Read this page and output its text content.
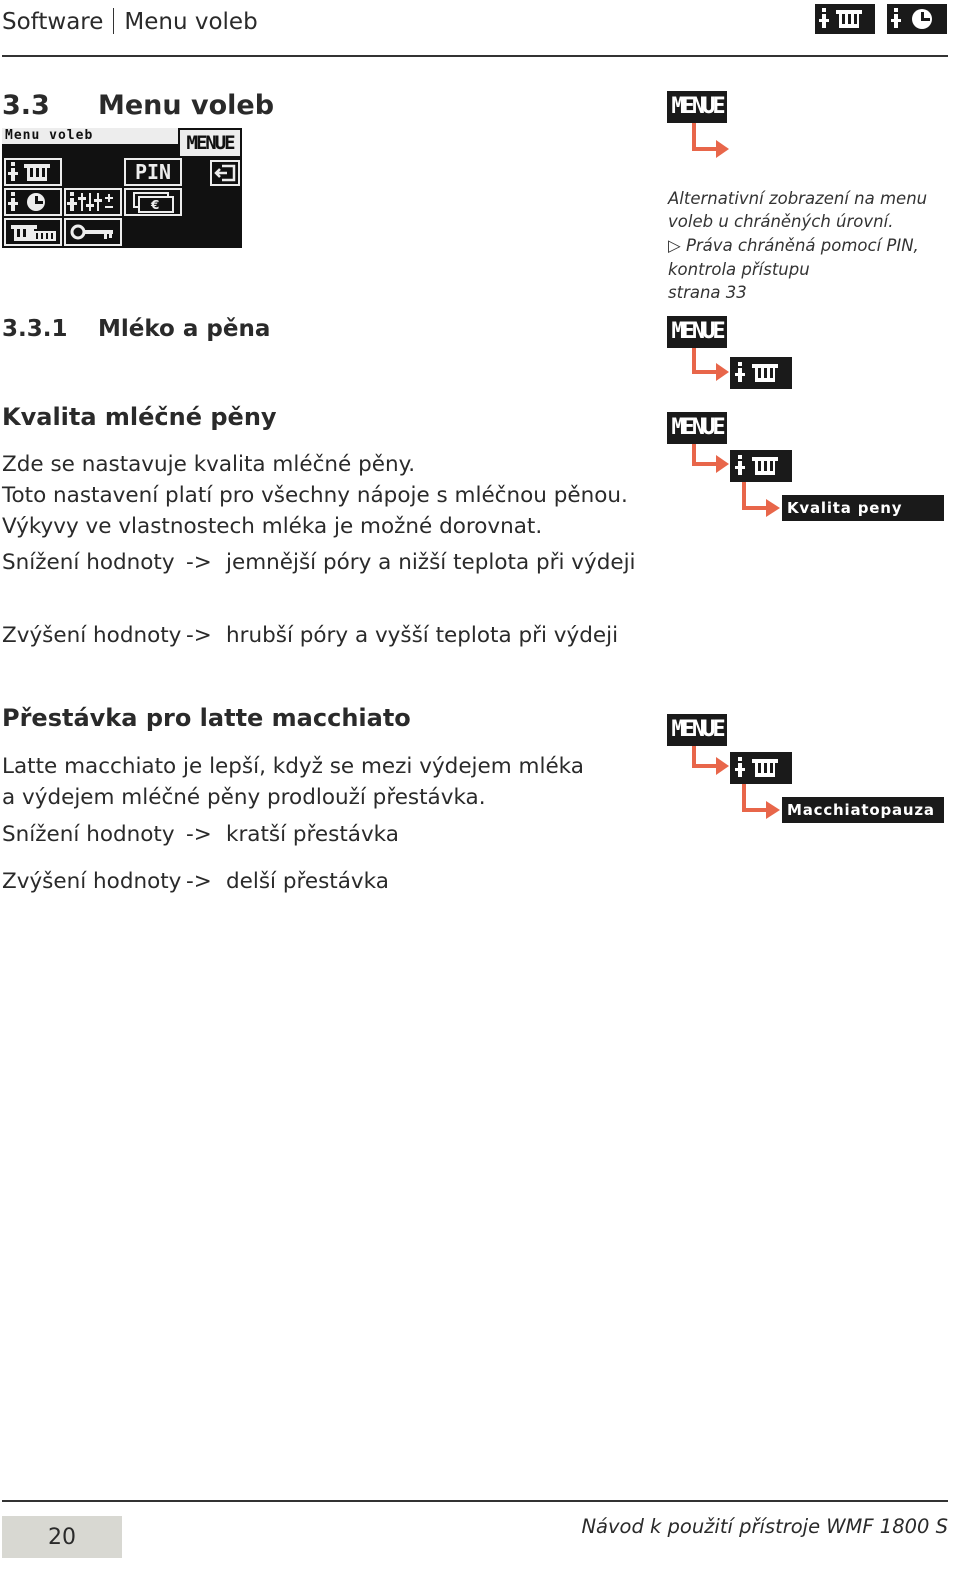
Software Menu voleb
3.3 Menu voleb
Menu voleb	MENUE
PIN
€
MENUE
Alternativní zobrazení na menu
voleb u chráněných úrovní.
▷ Práva chráněná pomocí PIN,
kontrola přístupu
strana 33
MENUE
MENUE
Kvalita peny
3.3.1 Mléko a pěna
Kvalita mléčné pěny
Zde se nastavuje kvalita mléčné pěny.
Toto nastavení platí pro všechny nápoje s mléčnou pěnou.
Výkyvy ve vlastnostech mléka je možné dorovnat.
Snížení hodnoty -> jemnější póry a nižší teplota při výdeji
Zvýšení hodnoty -> hrubší póry a vyšší teplota při výdeji
Přestávka pro latte macchiato
Latte macchiato je lepší, když se mezi výdejem mléka
a výdejem mléčné pěny prodlouží přestávka.
Snížení hodnoty -> kratší přestávka
Zvýšení hodnoty -> delší přestávka
MENUE
Macchiatopauza
20	Návod k použití přístroje WMF 1800 S
